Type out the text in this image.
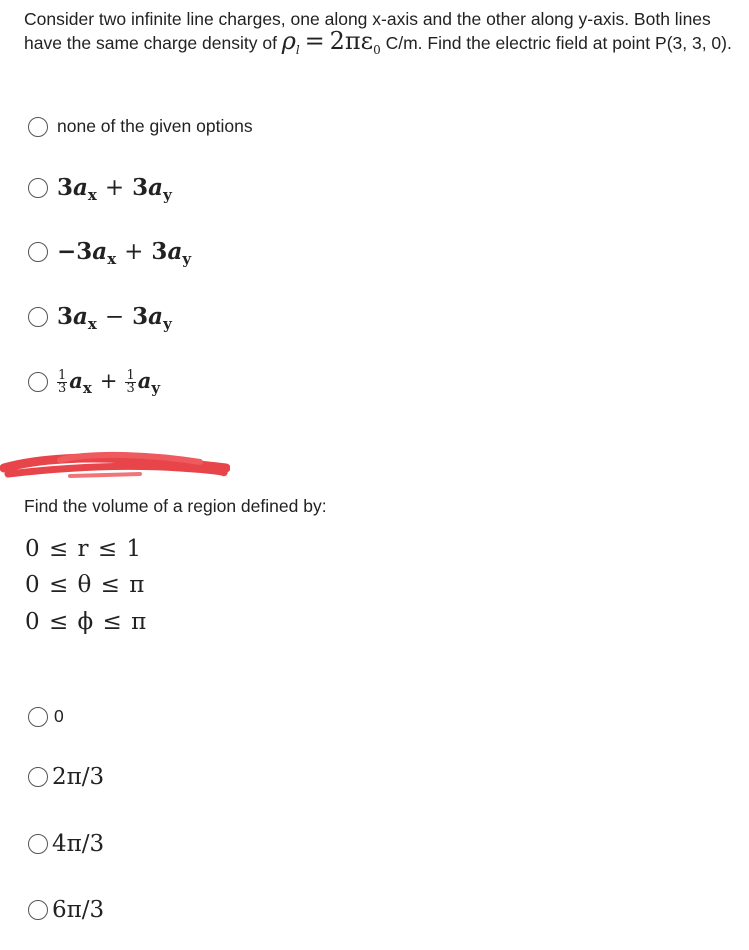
Consider two infinite line charges, one along x-axis and the other along y-axis. Both lines have the same charge density of $\rho_l = 2\pi\varepsilon_0$ C/m. Find the electric field at point P(3, 3, 0).
none of the given options
$3a_x + 3a_y$
$-3a_x + 3a_y$
$3a_x - 3a_y$
$\frac{1}{3} a_x + \frac{1}{3} a_y$
Find the volume of a region defined by:
0 ≤ r ≤ 1
0 ≤ θ ≤ π
0 ≤ ϕ ≤ π
0
2π/3
4π/3
6π/3
